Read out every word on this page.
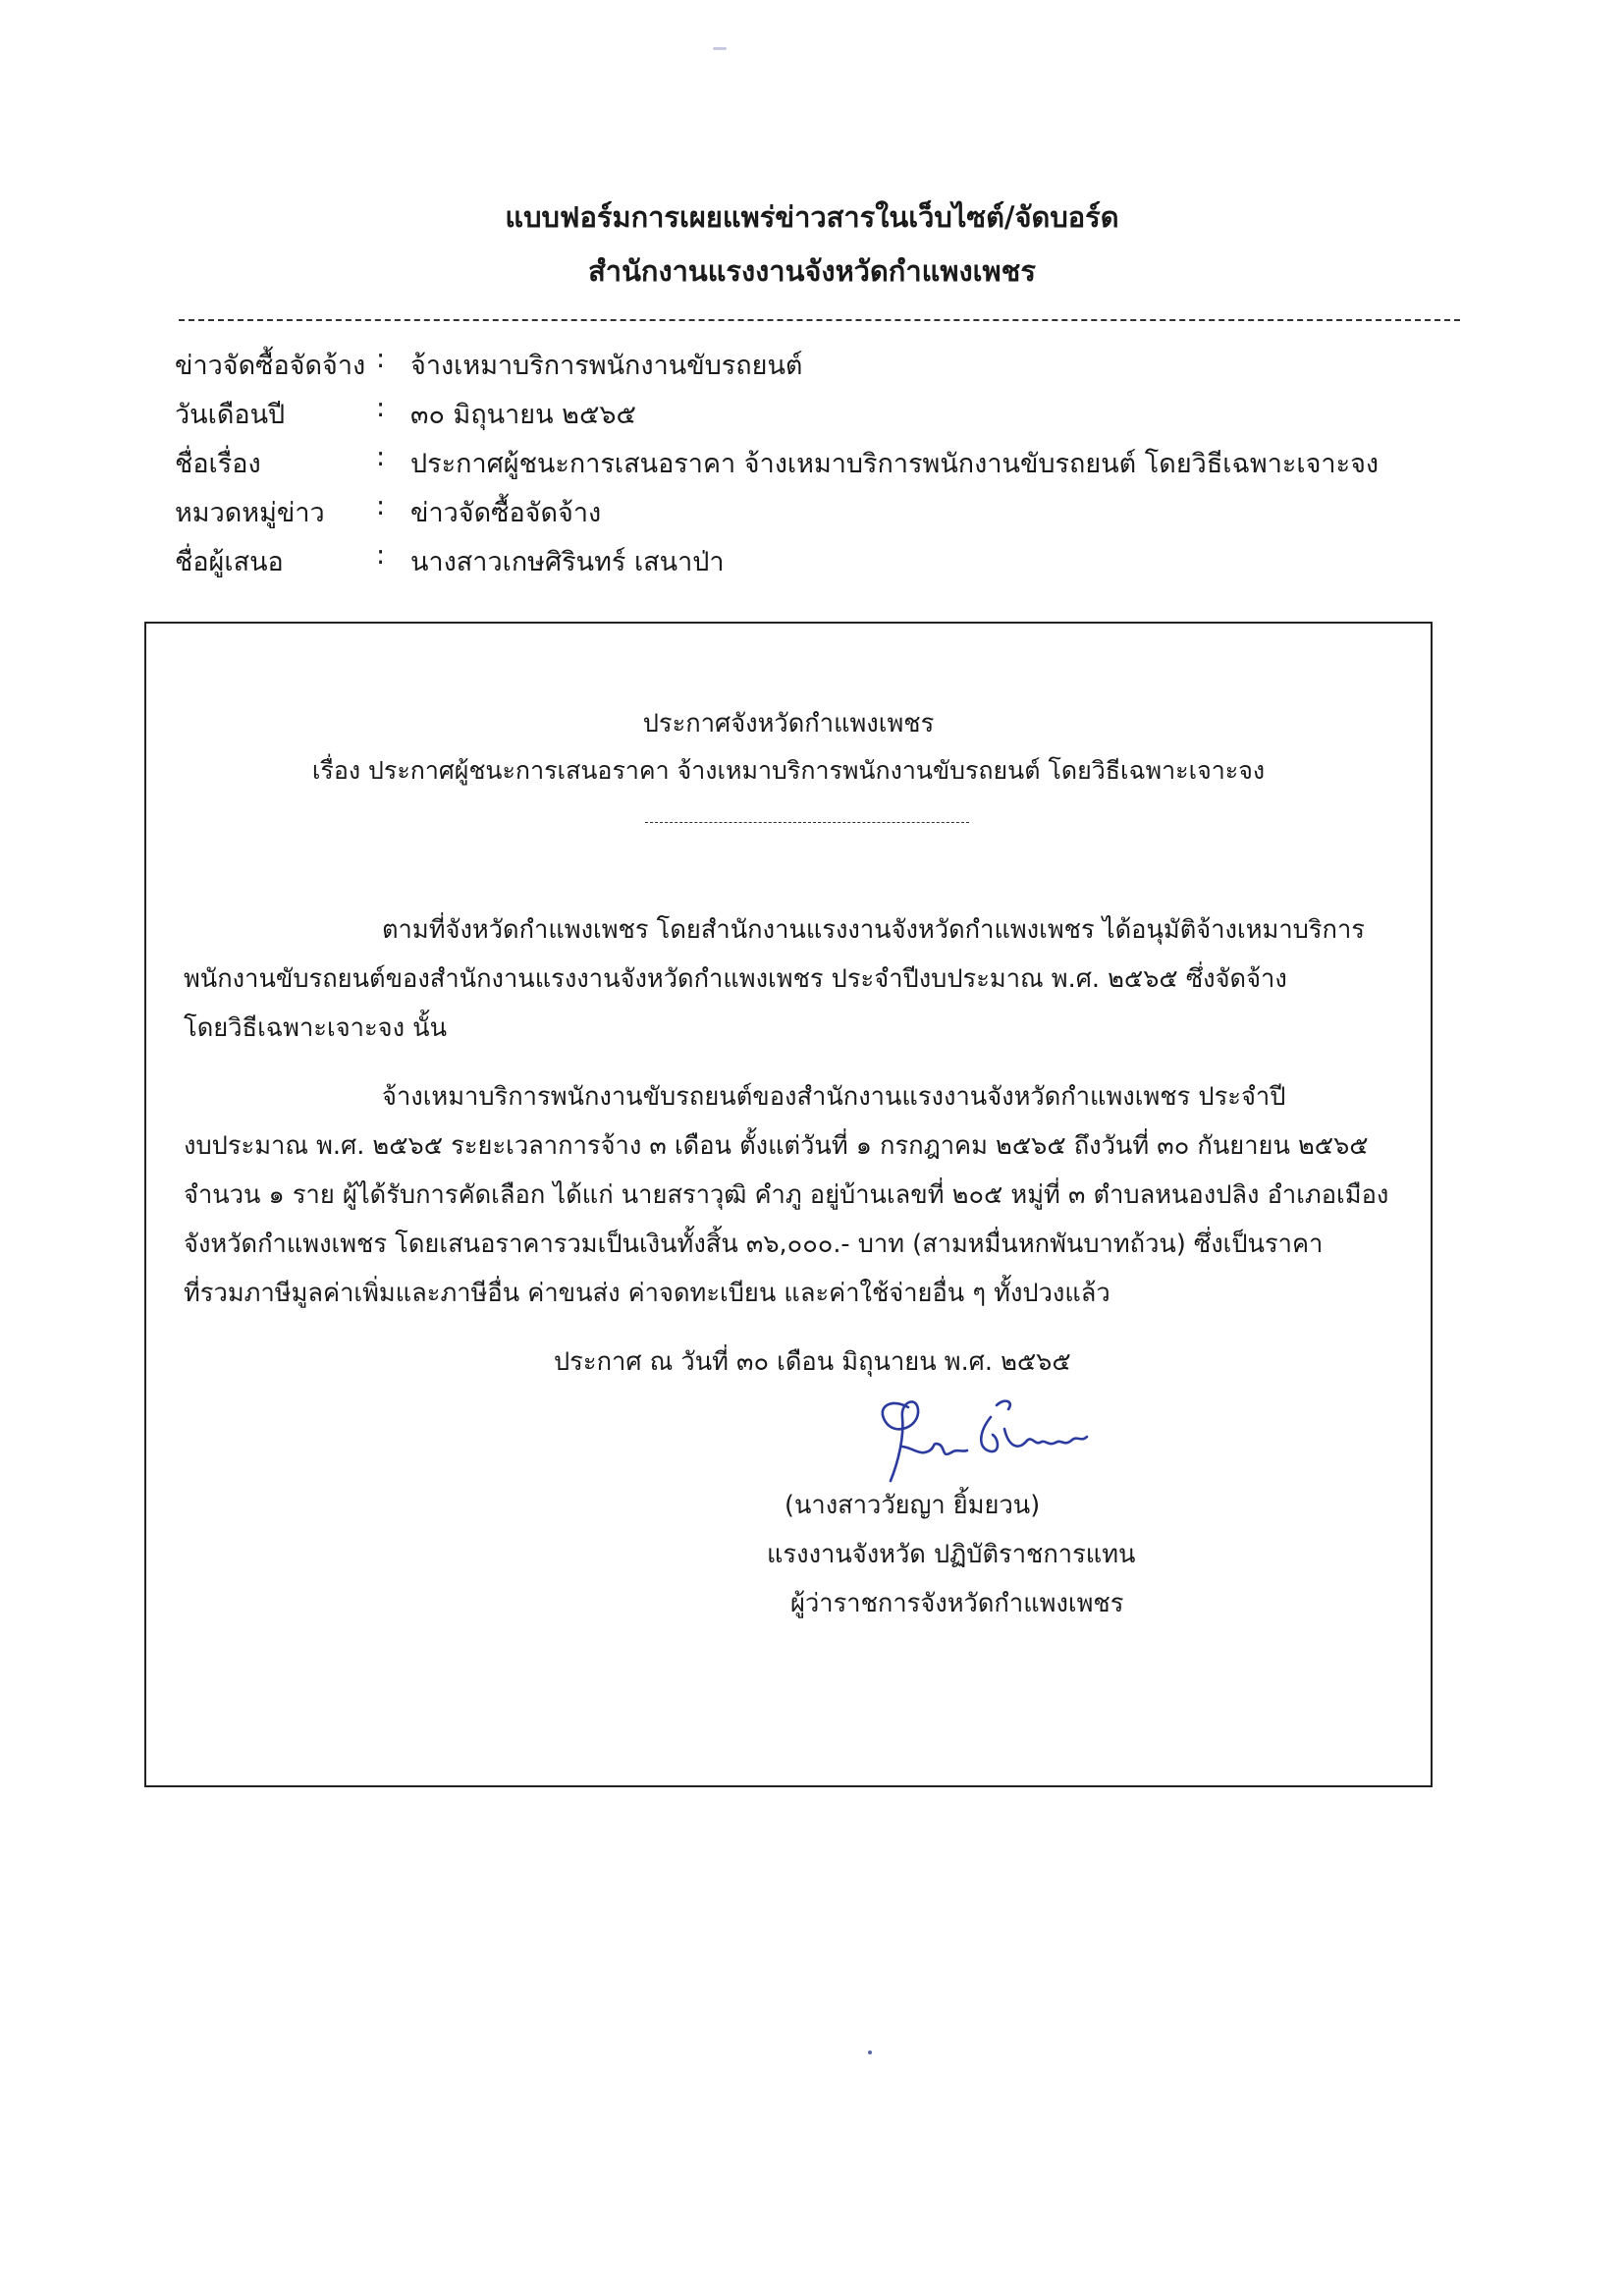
แบบฟอร์มการเผยแพร่ข่าวสารในเว็บไซต์/จัดบอร์ด
สำนักงานแรงงานจังหวัดกำแพงเพชร
ข่าวจัดซื้อจัดจ้าง : จ้างเหมาบริการพนักงานขับรถยนต์
วันเดือนปี	: ๓๐ มิถุนายน ๒๕๖๕
ชื่อเรื่อง	: ประกาศผู้ชนะการเสนอราคา จ้างเหมาบริการพนักงานขับรถยนต์ โดยวิธีเฉพาะเจาะจง
หมวดหมู่ข่าว : ข่าวจัดซื้อจัดจ้าง
ชื่อผู้เสนอ	: นางสาวเกษศิรินทร์ เสนาป่า
ประกาศจังหวัดกำแพงเพชร
เรื่อง ประกาศผู้ชนะการเสนอราคา จ้างเหมาบริการพนักงานขับรถยนต์ โดยวิธีเฉพาะเจาะจง
ตามที่จังหวัดกำแพงเพชร โดยสำนักงานแรงงานจังหวัดกำแพงเพชร ได้อนุมัติจ้างเหมาบริการ
พนักงานขับรถยนต์ของสำนักงานแรงงานจังหวัดกำแพงเพชร ประจำปีงบประมาณ พ.ศ. ๒๕๖๕ ซึ่งจัดจ้าง
โดยวิธีเฉพาะเจาะจง นั้น
จ้างเหมาบริการพนักงานขับรถยนต์ของสำนักงานแรงงานจังหวัดกำแพงเพชร ประจำปี
งบประมาณ พ.ศ. ๒๕๖๕ ระยะเวลาการจ้าง ๓ เดือน ตั้งแต่วันที่ ๑ กรกฎาคม ๒๕๖๕ ถึงวันที่ ๓๐ กันยายน ๒๕๖๕
จำนวน ๑ ราย ผู้ได้รับการคัดเลือก ได้แก่ นายสราวุฒิ คำภู อยู่บ้านเลขที่ ๒๐๕ หมู่ที่ ๓ ตำบลหนองปลิง อำเภอเมือง
จังหวัดกำแพงเพชร โดยเสนอราคารวมเป็นเงินทั้งสิ้น ๓๖,๐๐๐.- บาท (สามหมื่นหกพันบาทถ้วน) ซึ่งเป็นราคา
ที่รวมภาษีมูลค่าเพิ่มและภาษีอื่น ค่าขนส่ง ค่าจดทะเบียน และค่าใช้จ่ายอื่น ๆ ทั้งปวงแล้ว
ประกาศ ณ วันที่ ๓๐ เดือน มิถุนายน พ.ศ. ๒๕๖๕
(นางสาววัยญา ยิ้มยวน)
แรงงานจังหวัด ปฏิบัติราชการแทน
ผู้ว่าราชการจังหวัดกำแพงเพชร
